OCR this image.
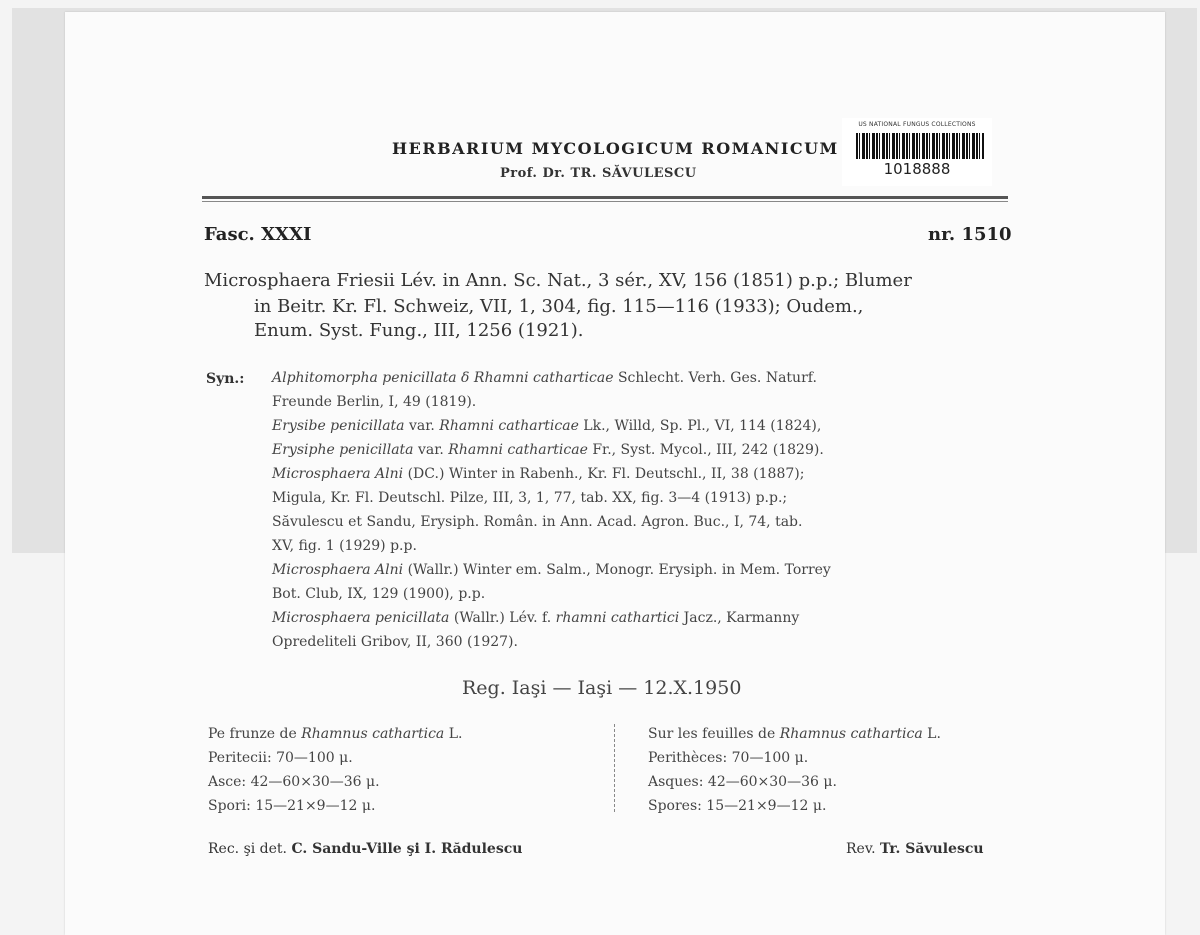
HERBARIUM MYCOLOGICUM ROMANICUM
Prof. Dr. TR. SĂVULESCU
US NATIONAL FUNGUS COLLECTIONS
1018888
Fasc. XXXI	nr. 1510
Microsphaera Friesii Lév. in Ann. Sc. Nat., 3 sér., XV, 156 (1851) p.p.; Blumer
in Beitr. Kr. Fl. Schweiz, VII, 1, 304, fig. 115—116 (1933); Oudem.,
Enum. Syst. Fung., III, 1256 (1921).
Syn.: Alphitomorpha penicillata δ Rhamni catharticae Schlecht. Verh. Ges. Naturf.
Freunde Berlin, I, 49 (1819).
Erysibe penicillata var. Rhamni catharticae Lk., Willd, Sp. Pl., VI, 114 (1824),
Erysiphe penicillata var. Rhamni catharticae Fr., Syst. Mycol., III, 242 (1829).
Microsphaera Alni (DC.) Winter in Rabenh., Kr. Fl. Deutschl., II, 38 (1887);
Migula, Kr. Fl. Deutschl. Pilze, III, 3, 1, 77, tab. XX, fig. 3—4 (1913) p.p.;
Săvulescu et Sandu, Erysiph. Român. in Ann. Acad. Agron. Buc., I, 74, tab.
XV, fig. 1 (1929) p.p.
Microsphaera Alni (Wallr.) Winter em. Salm., Monogr. Erysiph. in Mem. Torrey
Bot. Club, IX, 129 (1900), p.p.
Microsphaera penicillata (Wallr.) Lév. f. rhamni cathartici Jacz., Karmanny
Opredeliteli Gribov, II, 360 (1927).
Reg. Iaşi — Iaşi — 12.X.1950
Pe frunze de Rhamnus cathartica L.
Peritecii: 70—100 μ.
Asce: 42—60×30—36 μ.
Spori: 15—21×9—12 μ.
Sur les feuilles de Rhamnus cathartica L.
Perithèces: 70—100 μ.
Asques: 42—60×30—36 μ.
Spores: 15—21×9—12 μ.
Rec. şi det. C. Sandu-Ville şi I. Rădulescu	Rev. Tr. Săvulescu
